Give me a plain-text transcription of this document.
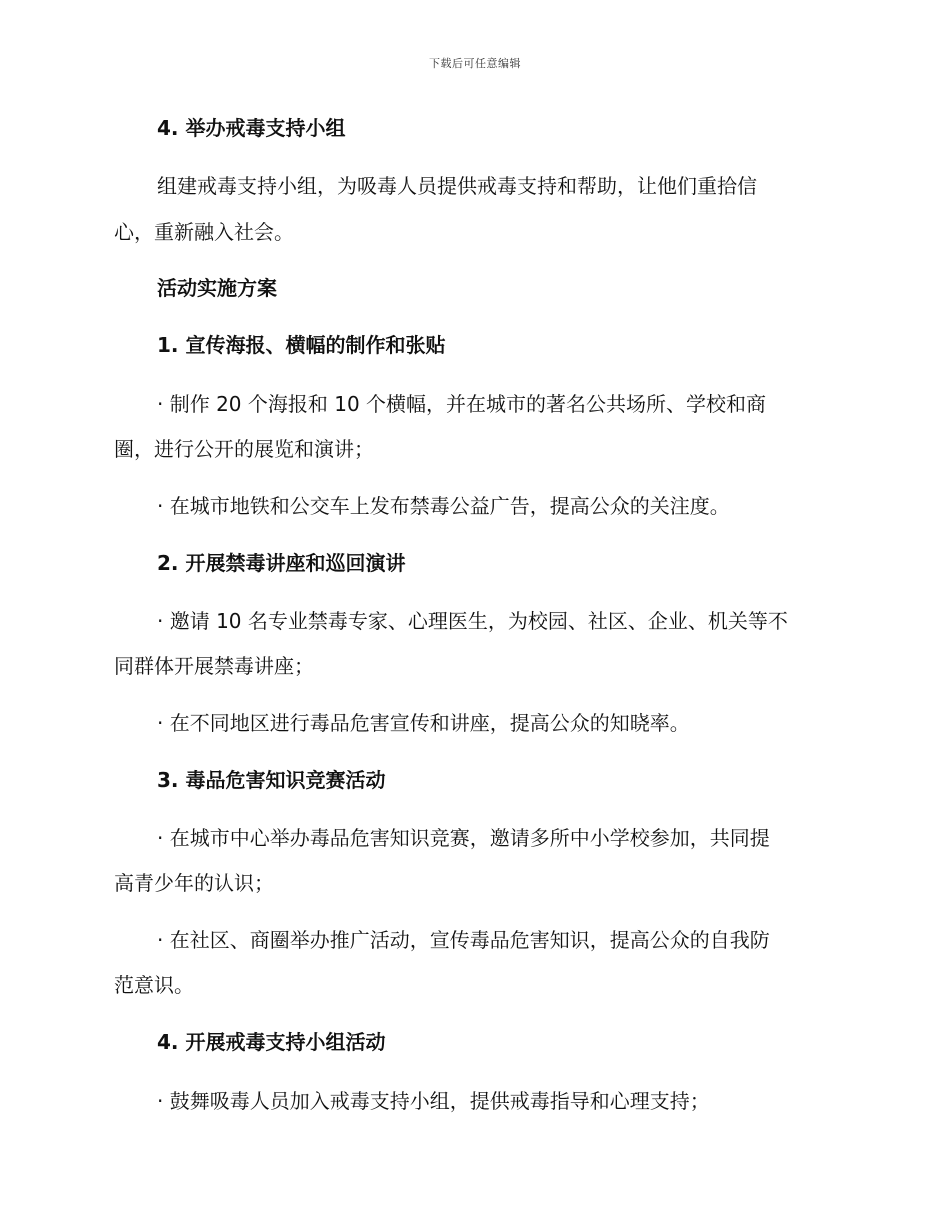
下载后可任意编辑
4. 举办戒毒支持小组
组建戒毒支持小组，为吸毒人员提供戒毒支持和帮助，让他们重拾信
心，重新融入社会。
活动实施方案
1. 宣传海报、横幅的制作和张贴
· 制作 20 个海报和 10 个横幅，并在城市的著名公共场所、学校和商
圈，进行公开的展览和演讲；
· 在城市地铁和公交车上发布禁毒公益广告，提高公众的关注度。
2. 开展禁毒讲座和巡回演讲
· 邀请 10 名专业禁毒专家、心理医生，为校园、社区、企业、机关等不
同群体开展禁毒讲座；
· 在不同地区进行毒品危害宣传和讲座，提高公众的知晓率。
3. 毒品危害知识竞赛活动
· 在城市中心举办毒品危害知识竞赛，邀请多所中小学校参加，共同提
高青少年的认识；
· 在社区、商圈举办推广活动，宣传毒品危害知识，提高公众的自我防
范意识。
4. 开展戒毒支持小组活动
· 鼓舞吸毒人员加入戒毒支持小组，提供戒毒指导和心理支持；
